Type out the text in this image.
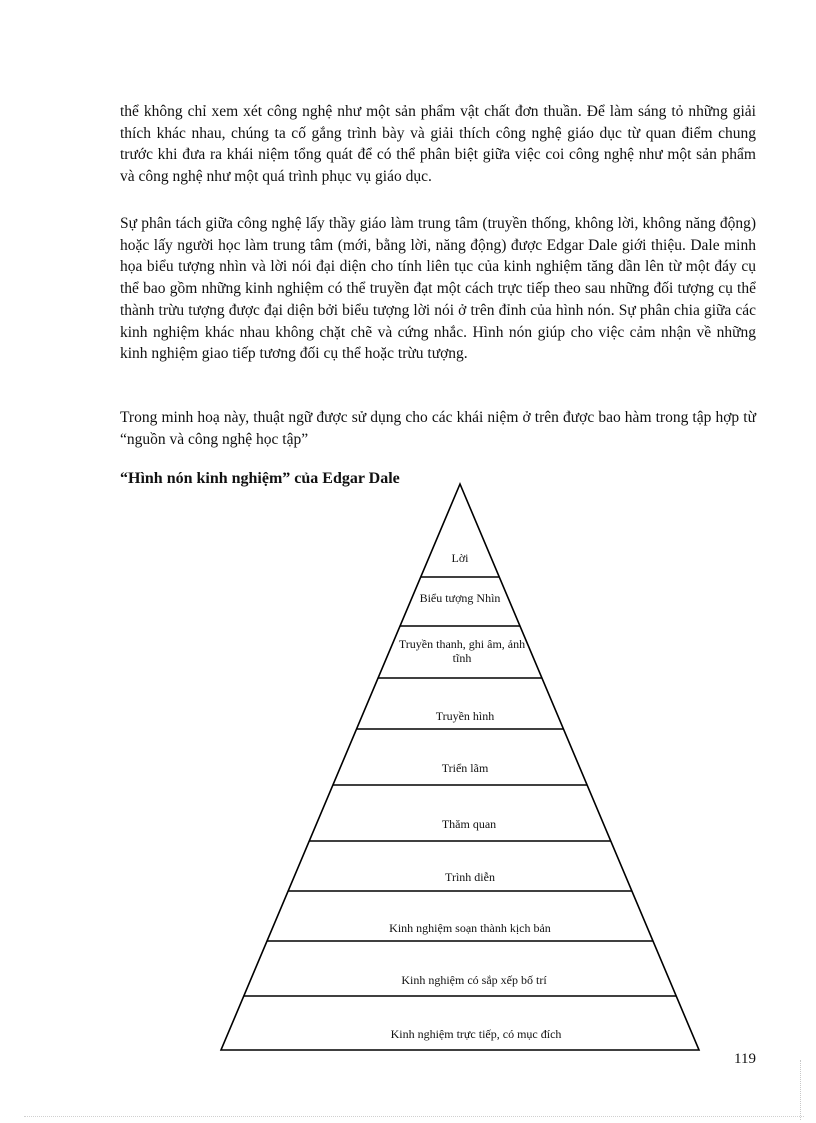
thể không chỉ xem xét công nghệ như một sản phẩm vật chất đơn thuần. Để làm sáng tỏ những giải thích khác nhau, chúng ta cố gắng trình bày và giải thích công nghệ giáo dục từ quan điểm chung trước khi đưa ra khái niệm tổng quát để có thể phân biệt giữa việc coi công nghệ như một sản phẩm và công nghệ như một quá trình phục vụ giáo dục.

Sự phân tách giữa công nghệ lấy thầy giáo làm trung tâm (truyền thống, không lời, không năng động) hoặc lấy người học làm trung tâm (mới, bằng lời, năng động) được Edgar Dale giới thiệu. Dale minh họa biểu tượng nhìn và lời nói đại diện cho tính liên tục của kinh nghiệm tăng dần lên từ một đáy cụ thể bao gồm những kinh nghiệm có thể truyền đạt một cách trực tiếp theo sau những đối tượng cụ thể thành trừu tượng được đại diện bởi biểu tượng lời nói ở trên đỉnh của hình nón. Sự phân chia giữa các kinh nghiệm khác nhau không chặt chẽ và cứng nhắc. Hình nón giúp cho việc cảm nhận về những kinh nghiệm giao tiếp tương đối cụ thể hoặc trừu tượng.

Trong minh hoạ này, thuật ngữ được sử dụng cho các khái niệm ở trên được bao hàm trong tập hợp từ “nguồn và công nghệ học tập”

“Hình nón kinh nghiệm” của Edgar Dale

Lời
Biểu tượng Nhìn
Truyền thanh, ghi âm, ảnh tĩnh
Truyền hình
Triển lãm
Thăm quan
Trình diễn
Kinh nghiệm soạn thành kịch bản
Kinh nghiệm có sắp xếp bố trí
Kinh nghiệm trực tiếp, có mục đích
119
